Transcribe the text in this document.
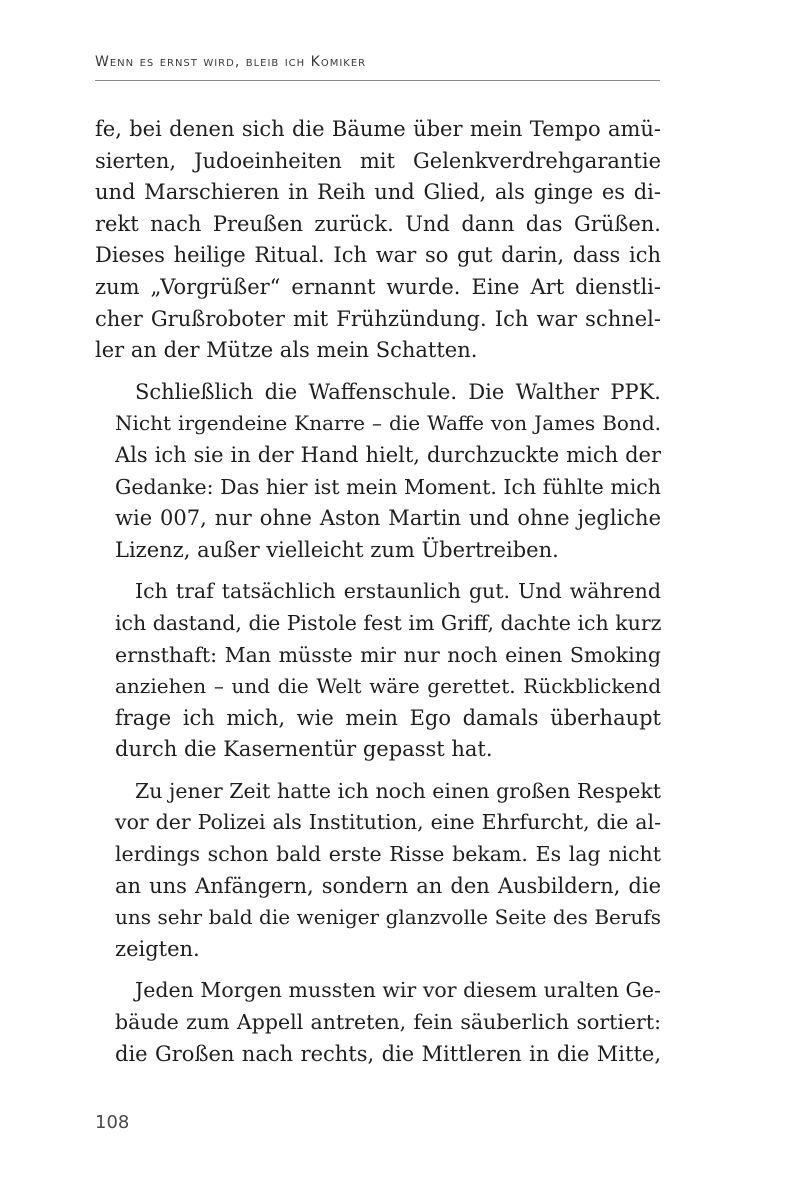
Wenn es ernst wird, bleib ich Komiker

fe, bei denen sich die Bäume über mein Tempo amü-
sierten, Judoeinheiten mit Gelenkverdrehgarantie
und Marschieren in Reih und Glied, als ginge es di-
rekt nach Preußen zurück. Und dann das Grüßen.
Dieses heilige Ritual. Ich war so gut darin, dass ich
zum „Vorgrüßer“ ernannt wurde. Eine Art dienstli-
cher Grußroboter mit Frühzündung. Ich war schnel-
ler an der Mütze als mein Schatten.

Schließlich die Waffenschule. Die Walther PPK.
Nicht irgendeine Knarre – die Waffe von James Bond.
Als ich sie in der Hand hielt, durchzuckte mich der
Gedanke: Das hier ist mein Moment. Ich fühlte mich
wie 007, nur ohne Aston Martin und ohne jegliche
Lizenz, außer vielleicht zum Übertreiben.

Ich traf tatsächlich erstaunlich gut. Und während
ich dastand, die Pistole fest im Griff, dachte ich kurz
ernsthaft: Man müsste mir nur noch einen Smoking
anziehen – und die Welt wäre gerettet. Rückblickend
frage ich mich, wie mein Ego damals überhaupt
durch die Kasernentür gepasst hat.

Zu jener Zeit hatte ich noch einen großen Respekt
vor der Polizei als Institution, eine Ehrfurcht, die al-
lerdings schon bald erste Risse bekam. Es lag nicht
an uns Anfängern, sondern an den Ausbildern, die
uns sehr bald die weniger glanzvolle Seite des Berufs
zeigten.

Jeden Morgen mussten wir vor diesem uralten Ge-
bäude zum Appell antreten, fein säuberlich sortiert:
die Großen nach rechts, die Mittleren in die Mitte,

108
